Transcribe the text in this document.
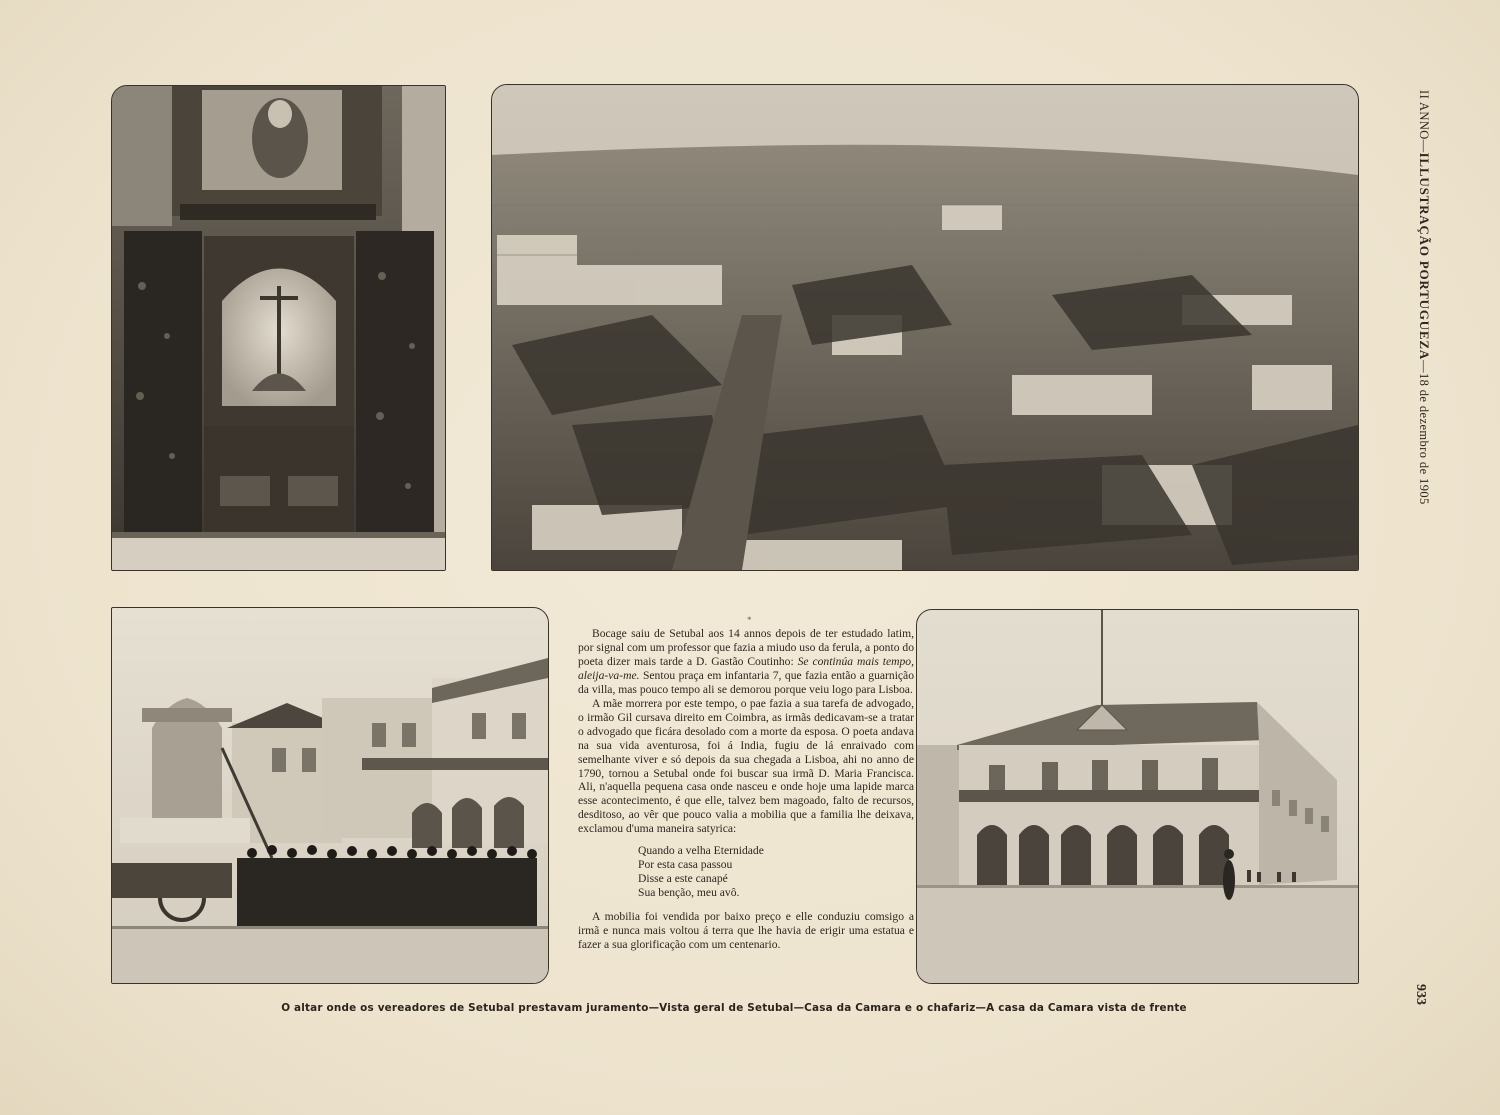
*

Bocage saiu de Setubal aos 14 annos depois de ter estudado latim, por signal com um professor que fazia a miudo uso da ferula, a ponto do poeta dizer mais tarde a D. Gastão Coutinho: Se continúa mais tempo, aleija-va-me. Sentou praça em infantaria 7, que fazia então a guarnição da villa, mas pouco tempo ali se demorou porque veiu logo para Lisboa.

A mãe morrera por este tempo, o pae fazia a sua tarefa de advogado, o irmão Gil cursava direito em Coimbra, as irmãs dedicavam-se a tratar o advogado que ficára desolado com a morte da esposa. O poeta andava na sua vida aventurosa, foi á India, fugiu de lá enraivado com semelhante viver e só depois da sua chegada a Lisboa, ahi no anno de 1790, tornou a Setubal onde foi buscar sua irmã D. Maria Francisca. Ali, n'aquella pequena casa onde nasceu e onde hoje uma lapide marca esse acontecimento, é que elle, talvez bem magoado, falto de recursos, desditoso, ao vêr que pouco valia a mobilia que a familia lhe deixava, exclamou d'uma maneira satyrica:

Quando a velha Eternidade
Por esta casa passou
Disse a este canapé
Sua benção, meu avô.

A mobilia foi vendida por baixo preço e elle conduziu comsigo a irmã e nunca mais voltou á terra que lhe havia de erigir uma estatua e fazer a sua glorificação com um centenario.

O altar onde os vereadores de Setubal prestavam juramento—Vista geral de Setubal—Casa da Camara e o chafariz—A casa da Camara vista de frente
II ANNO—ILLUSTRAÇÃO PORTUGUEZA—18 de dezembro de 1905
933
